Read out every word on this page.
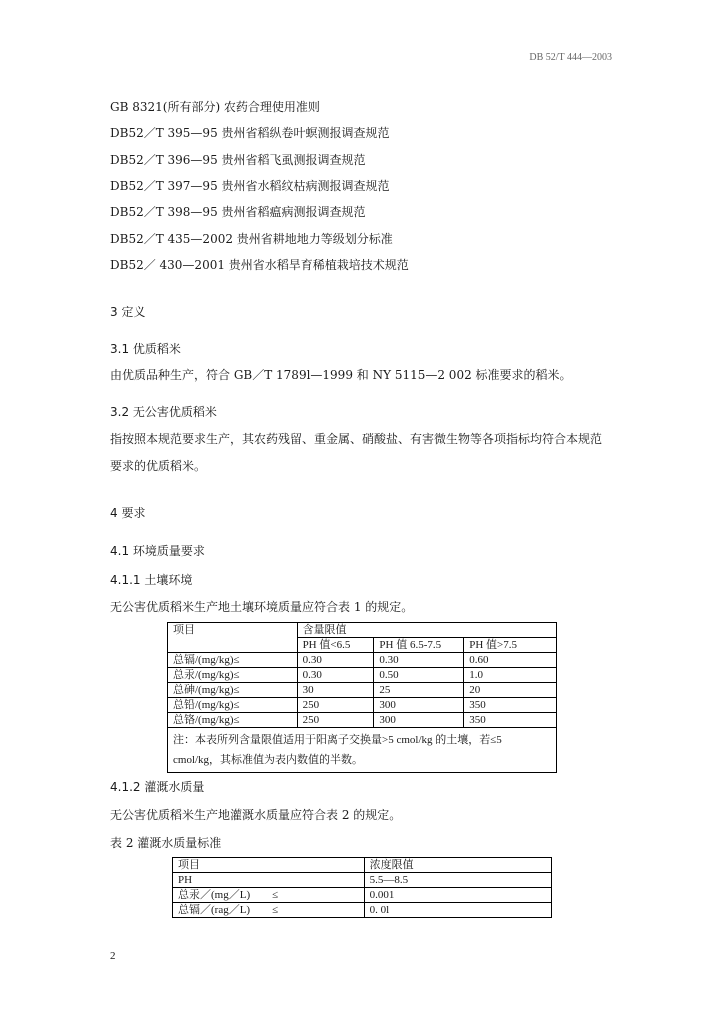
DB 52/T 444—2003
GB 8321(所有部分) 农药合理使用准则
DB52／T 395—95 贵州省稻纵卷叶螟测报调查规范
DB52／T 396—95 贵州省稻飞虱测报调查规范
DB52／T 397—95 贵州省水稻纹枯病测报调查规范
DB52／T 398—95 贵州省稻瘟病测报调查规范
DB52／T 435—2002 贵州省耕地地力等级划分标准
DB52／ 430—2001 贵州省水稻旱育稀植栽培技术规范
3 定义
3.1 优质稻米
由优质品种生产，符合 GB／T 1789l—1999 和 NY 5115—2 002 标准要求的稻米。
3.2 无公害优质稻米
指按照本规范要求生产，其农药残留、重金属、硝酸盐、有害微生物等各项指标均符合本规范
要求的优质稻米。
4 要求
4.1 环境质量要求
4.1.1 土壤环境
无公害优质稻米生产地土壤环境质量应符合表 1 的规定。
项目	含量限值		
	PH 值<6.5	PH 值 6.5-7.5	PH 值>7.5
总镉/(mg/kg)≤	0.30	0.30	0.60
总汞/(mg/kg)≤	0.30	0.50	1.0
总砷/(mg/kg)≤	30	25	20
总铅/(mg/kg)≤	250	300	350
总铬/(mg/kg)≤	250	300	350
注：本表所列含量限值适用于阳离子交换量>5 cmol/kg 的土壤，若≤5 cmol/kg，其标准值为表内数值的半数。			
4.1.2 灌溉水质量
无公害优质稻米生产地灌溉水质量应符合表 2 的规定。
表 2 灌溉水质量标准
项目	浓度限值
PH	5.5—8.5
总汞／(mg／L)　　≤	0.001
总镉／(rag／L)　　≤	0. 0l
2
